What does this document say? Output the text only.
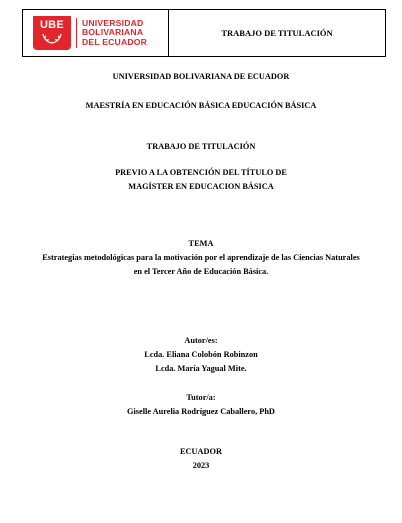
UBE UNIVERSIDAD
BOLIVARIANA
DEL ECUADOR
TRABAJO DE TITULACIÓN
UNIVERSIDAD BOLIVARIANA DE ECUADOR
MAESTRÍA EN EDUCACIÓN BÁSICA EDUCACIÓN BÁSICA
TRABAJO DE TITULACIÓN
PREVIO A LA OBTENCIÓN DEL TÍTULO DE
MAGÍSTER EN EDUCACION BÁSICA
TEMA
Estrategias metodológicas para la motivación por el aprendizaje de las Ciencias Naturales
en el Tercer Año de Educación Básica.
Autor/es:
Lcda. Eliana Colobón Robinzon
Lcda. María Yagual Mite.
Tutor/a:
Giselle Aurelia Rodríguez Caballero, PhD
ECUADOR
2023
